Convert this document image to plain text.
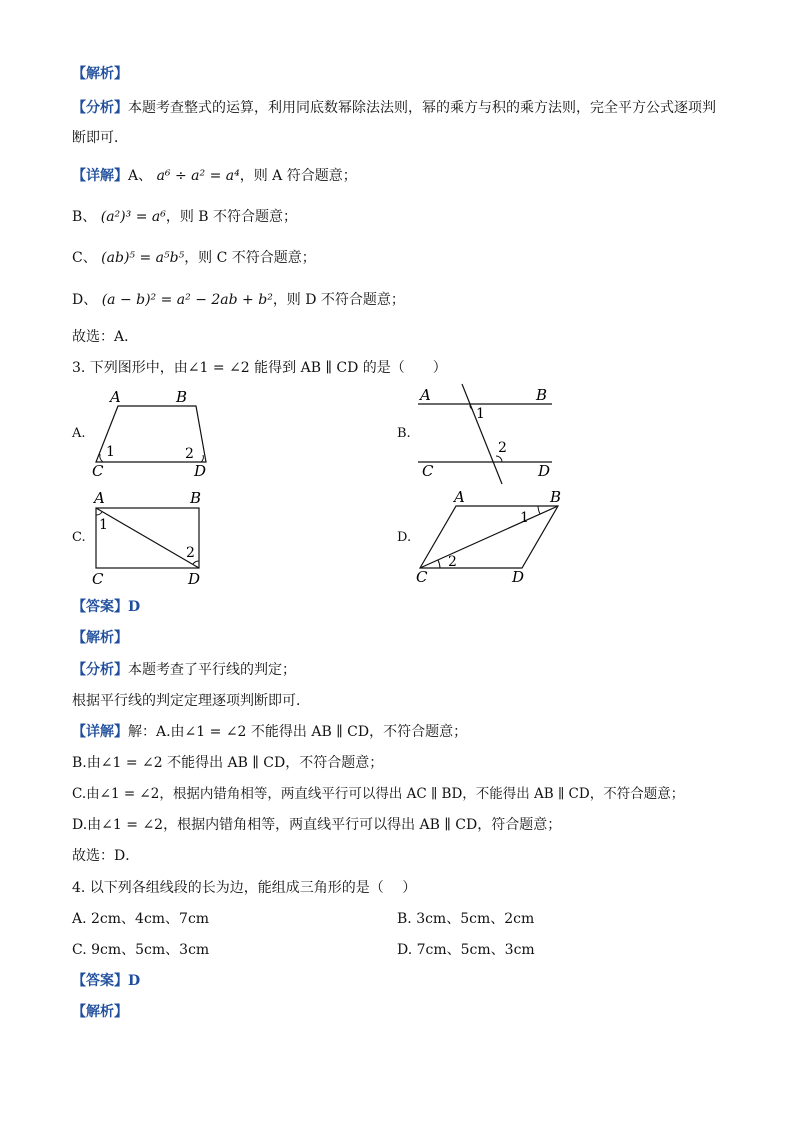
【解析】
【分析】本题考查整式的运算，利用同底数幂除法法则，幂的乘方与积的乘方法则，完全平方公式逐项判
断即可．
【详解】A、 a⁶ ÷ a² = a⁴，则 A 符合题意；
B、 (a²)³ = a⁶，则 B 不符合题意；
C、 (ab)⁵ = a⁵b⁵，则 C 不符合题意；
D、 (a − b)² = a² − 2ab + b²，则 D 不符合题意；
故选：A．
3. 下列图形中，由∠1 = ∠2 能得到 AB ∥ CD 的是（　　）
A.	B.
C.	D.
A	B
C	D
1	2
A	B
C	D
1
2
A	B
C	D
1
2
A	B
C	D
1
2
【答案】D
【解析】
【分析】本题考查了平行线的判定；
根据平行线的判定定理逐项判断即可．
【详解】解：A.由∠1 = ∠2 不能得出 AB ∥ CD，不符合题意；
B.由∠1 = ∠2 不能得出 AB ∥ CD，不符合题意；
C.由∠1 = ∠2，根据内错角相等，两直线平行可以得出 AC ∥ BD，不能得出 AB ∥ CD，不符合题意；
D.由∠1 = ∠2，根据内错角相等，两直线平行可以得出 AB ∥ CD，符合题意；
故选：D．
4. 以下列各组线段的长为边，能组成三角形的是（　 ）
A. 2cm、4cm、7cm	B. 3cm、5cm、2cm
C. 9cm、5cm、3cm	D. 7cm、5cm、3cm
【答案】D
【解析】
